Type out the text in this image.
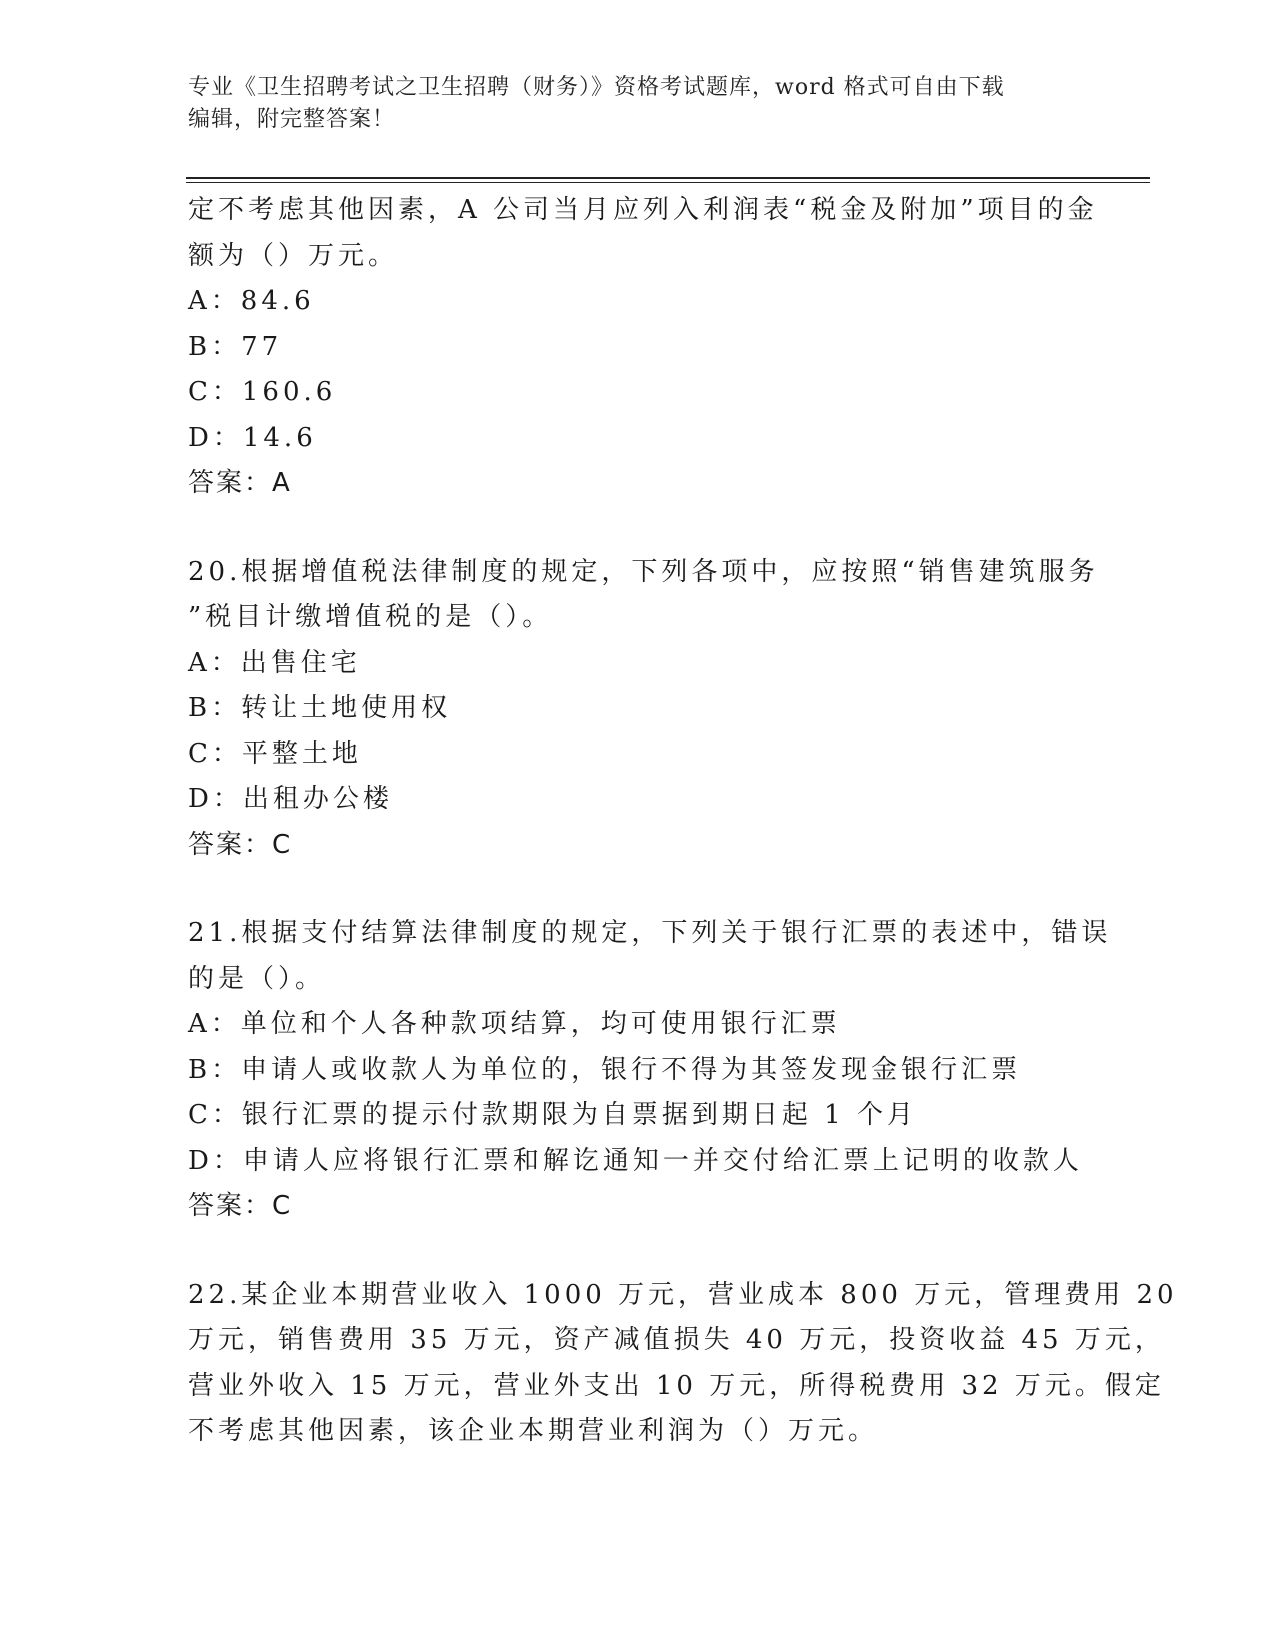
专业《卫生招聘考试之卫生招聘（财务）》资格考试题库，word 格式可自由下载
编辑，附完整答案！
定不考虑其他因素，A 公司当月应列入利润表“税金及附加”项目的金
额为（）万元。
A：84.6
B：77
C：160.6
D：14.6
答案：A
20.根据增值税法律制度的规定，下列各项中，应按照“销售建筑服务
”税目计缴增值税的是（）。
A：出售住宅
B：转让土地使用权
C：平整土地
D：出租办公楼
答案：C
21.根据支付结算法律制度的规定，下列关于银行汇票的表述中，错误
的是（）。
A：单位和个人各种款项结算，均可使用银行汇票
B：申请人或收款人为单位的，银行不得为其签发现金银行汇票
C：银行汇票的提示付款期限为自票据到期日起 1 个月
D：申请人应将银行汇票和解讫通知一并交付给汇票上记明的收款人
答案：C
22.某企业本期营业收入 1000 万元，营业成本 800 万元，管理费用 20
万元，销售费用 35 万元，资产减值损失 40 万元，投资收益 45 万元，
营业外收入 15 万元，营业外支出 10 万元，所得税费用 32 万元。假定
不考虑其他因素，该企业本期营业利润为（）万元。
